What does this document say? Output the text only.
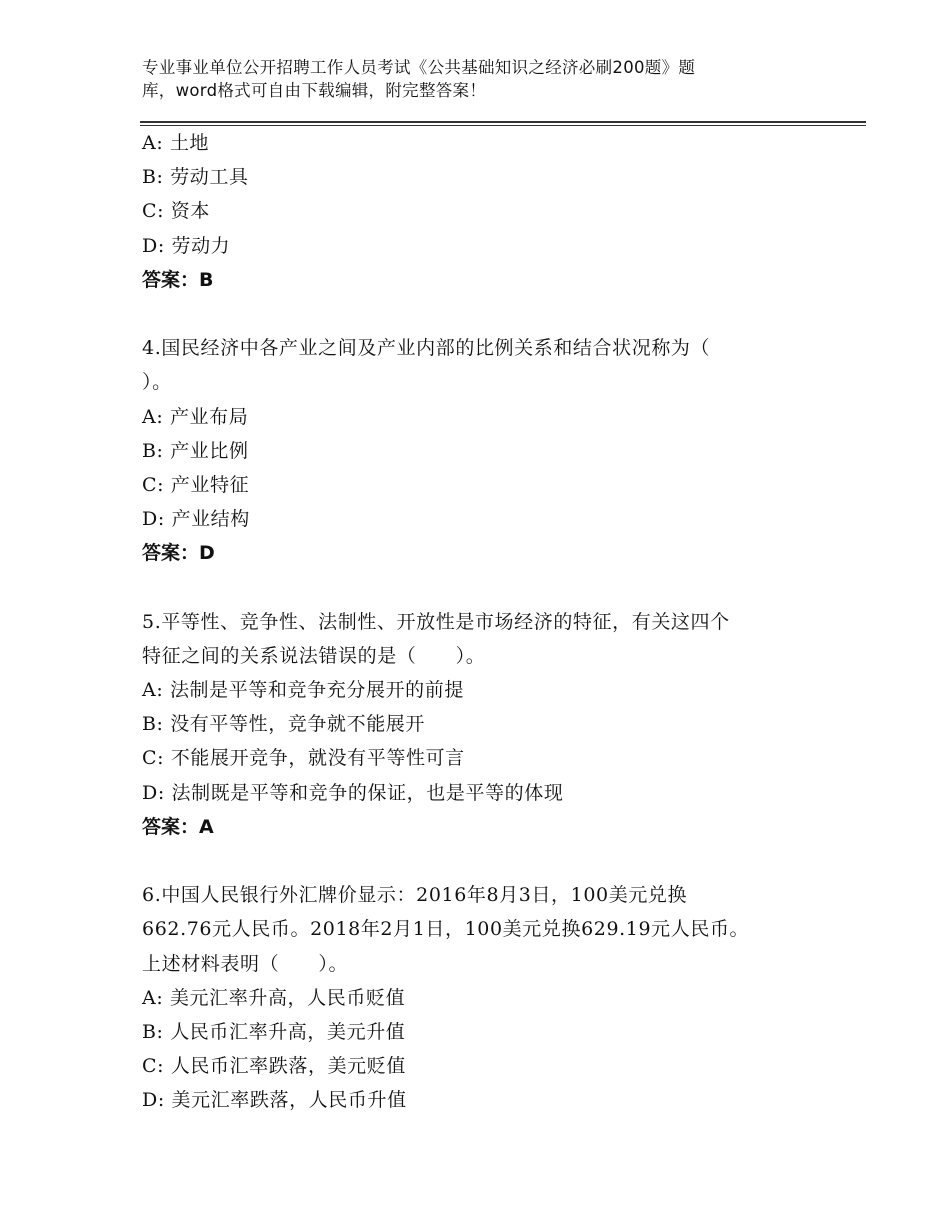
专业事业单位公开招聘工作人员考试《公共基础知识之经济必刷200题》题
库，word格式可自由下载编辑，附完整答案！
A: 土地
B: 劳动工具
C: 资本
D: 劳动力
答案：B
4.国民经济中各产业之间及产业内部的比例关系和结合状况称为（
）。
A: 产业布局
B: 产业比例
C: 产业特征
D: 产业结构
答案：D
5.平等性、竞争性、法制性、开放性是市场经济的特征，有关这四个
特征之间的关系说法错误的是（　　）。
A: 法制是平等和竞争充分展开的前提
B: 没有平等性，竞争就不能展开
C: 不能展开竞争，就没有平等性可言
D: 法制既是平等和竞争的保证，也是平等的体现
答案：A
6.中国人民银行外汇牌价显示：2016年8月3日，100美元兑换
662.76元人民币。2018年2月1日，100美元兑换629.19元人民币。
上述材料表明（　　）。
A: 美元汇率升高，人民币贬值
B: 人民币汇率升高，美元升值
C: 人民币汇率跌落，美元贬值
D: 美元汇率跌落，人民币升值
